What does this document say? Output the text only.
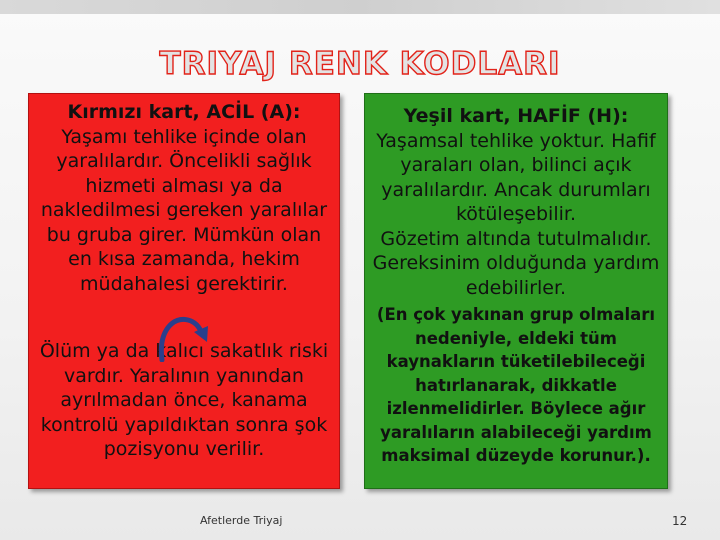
TRIYAJ RENK KODLARI
Kırmızı kart, ACİL (A):
Yaşamı tehlike içinde olan
yaralılardır. Öncelikli sağlık
hizmeti alması ya da
nakledilmesi gereken yaralılar
bu gruba girer. Mümkün olan
en kısa zamanda, hekim
müdahalesi gerektirir.
Ölüm ya da kalıcı sakatlık riski
vardır. Yaralının yanından
ayrılmadan önce, kanama
kontrolü yapıldıktan sonra şok
pozisyonu verilir.
Yeşil kart, HAFİF (H):
Yaşamsal tehlike yoktur. Hafif
yaraları olan, bilinci açık
yaralılardır. Ancak durumları
kötüleşebilir.
Gözetim altında tutulmalıdır.
Gereksinim olduğunda yardım
edebilirler.
(En çok yakınan grup olmaları
nedeniyle, eldeki tüm
kaynakların tüketilebileceği
hatırlanarak, dikkatle
izlenmelidirler. Böylece ağır
yaralıların alabileceği yardım
maksimal düzeyde korunur.).
Afetlerde Triyaj	12
